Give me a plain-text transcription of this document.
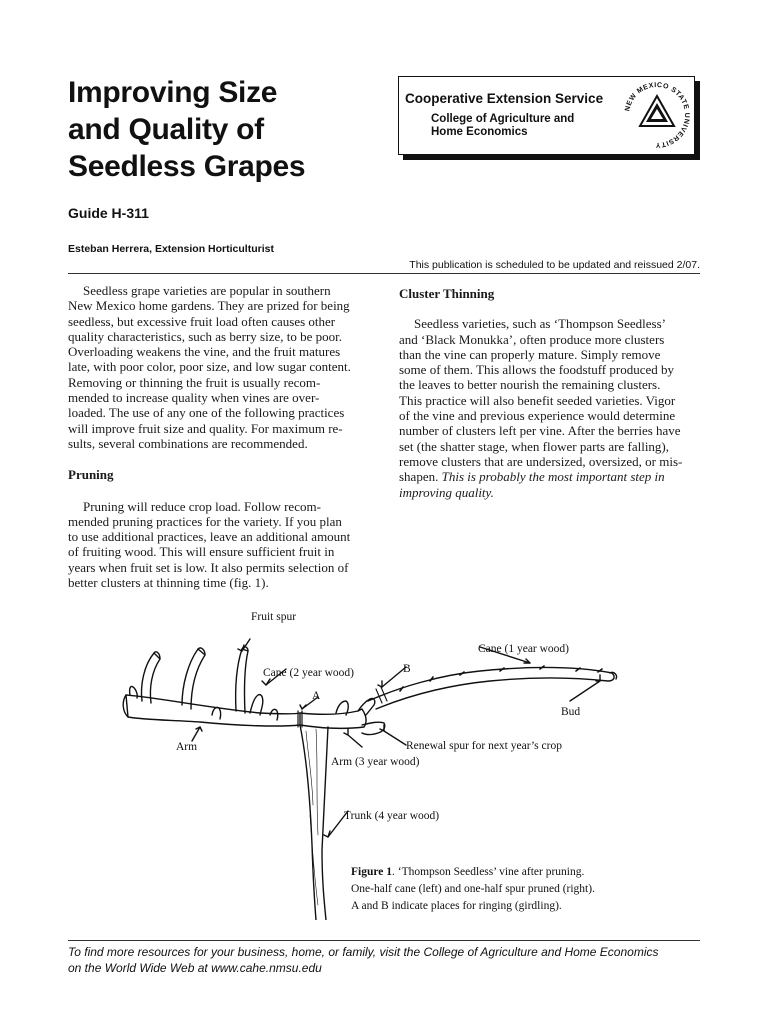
Improving Size
and Quality of
Seedless Grapes
Cooperative Extension Service
College of Agriculture and
Home Economics
NEW MEXICO STATE UNIVERSITY
Guide H-311
Esteban Herrera, Extension Horticulturist
This publication is scheduled to be updated and reissued 2/07.

Seedless grape varieties are popular in southern
New Mexico home gardens. They are prized for being
seedless, but excessive fruit load often causes other
quality characteristics, such as berry size, to be poor.
Overloading weakens the vine, and the fruit matures
late, with poor color, poor size, and low sugar content.
Removing or thinning the fruit is usually recom-
mended to increase quality when vines are over-
loaded. The use of any one of the following practices
will improve fruit size and quality. For maximum re-
sults, several combinations are recommended.

Pruning

Pruning will reduce crop load. Follow recom-
mended pruning practices for the variety. If you plan
to use additional practices, leave an additional amount
of fruiting wood. This will ensure sufficient fruit in
years when fruit set is low. It also permits selection of
better clusters at thinning time (fig. 1).

Cluster Thinning

Seedless varieties, such as ‘Thompson Seedless’
and ‘Black Monukka’, often produce more clusters
than the vine can properly mature. Simply remove
some of them. This allows the foodstuff produced by
the leaves to better nourish the remaining clusters.
This practice will also benefit seeded varieties. Vigor
of the vine and previous experience would determine
number of clusters left per vine. After the berries have
set (the shatter stage, when flower parts are falling),
remove clusters that are undersized, oversized, or mis-
shapen. This is probably the most important step in
improving quality.

Fruit spur
Cane (2 year wood)
A
B
Cane (1 year wood)
Bud
Arm	Renewal spur for next year’s crop
Arm (3 year wood)
Trunk (4 year wood)
Figure 1. ‘Thompson Seedless’ vine after pruning.
One-half cane (left) and one-half spur pruned (right).
A and B indicate places for ringing (girdling).
To find more resources for your business, home, or family, visit the College of Agriculture and Home Economics
on the World Wide Web at www.cahe.nmsu.edu
